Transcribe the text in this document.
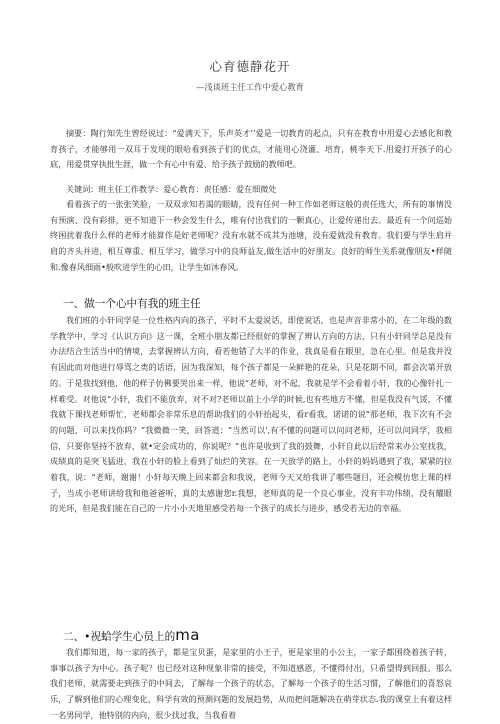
心育德静花开
—浅谈班主任工作中爱心教育

摘要：陶行知先生曾经说过：“爱满天下，乐声英才’’爱是一切教育的起点，只有在教育中用爱心去感化和教育孩子，才能够用一双耳于发现的眼哈看到孩子们的优点，才能用心浇灌、培育，桃李天下.用爱打开孩子的心底，用爱贯穿执批生涯，做一个有心中有爱、给予孩子鼓励的教师吧。

关键词：班主任工作教学：爱心教育：责任感：爱在细微处

看着孩子的一张张笑脸，一双双求知若渴的眼睛，没有任何一种工作如老师这般的责任选大，所有的事情没有预演、没有彩排，更不知道下一秒会发生什么，唯有付出我们的一颗真心，让爱传递出去。最近有一个问巡始终困扰着我什么样的老师才能算作是好老师呢？没有水就不成其为池塘，没有爱就没有教育。我们要与学生肩并肩的齐头并进，相互尊重、相互学习，做学习中的良师益友,做生活中的好朋友。良好的师生关系就像朋友•样随和.像春风细雨•般吹进学生的心田，让学生如沐春风。

一、做一个心中有我的班主任

我们班的小轩同学是一位性格内向的孩子，平时不太爱说话，即使说话，也是声音非常小的，在二年级的数学教学中，学习《认识方向》这一课，全班小朋友都已经很好的掌握了辨认方向的方法，只有小轩同学总是没有办法结合生活当中的情境，去掌握辨认方向，看若他错了大半的作业，我真是看在眼里，急在心里。但是我并没有因此而对他进行辱骂之类的话语，因为我深知，每个孩子都是一朵鲜艳的花朵，只是花期不同，都会次第开放的。于是我找到他，他的样子仿佛要哭出来一样，他说“老师，对不起，我就是学不会看着小轩，我的心像针扎一样难受。对他说“小轩，我们不能放弃，对不对?老师以前上小学的时候,也有些地方不懂，但是我没有气馁，不懂我就下课找老师帮忙，老师都会非常乐息的帮助我们的小轩抬起头，看r看我，诺诺的说“那老师，我下次有不会的问题，可以来找你吗？”我微微一笑，回答道：“当然可以',有不懂的问题可以问问老师，还可以问同学，我相信，只要你坚持不放弃，就•定会成功的，你说呢？”也许是收到了我的鼓舞，小轩自此以后经常来办公室找我，成绩真的是突飞猛进，我在小轩的脸上看到了灿烂的笑容。在一天放学的路上，小轩的妈妈遇到了我，紧紧的拉着我，说：“老师，谢谢！小轩每天晚上回来都会和我说，老师今天又给我讲了哪些题目，还会模仿您上课的样子，当成小老师讲给我和他爸爸听，真的太感谢您r.我想，老师真的是一个良心事业，没有丰功伟绩，没有耀眼的光环，但是我们能在自己的一片小小天地里感受若每一个孩子的成长与进步，感受若无边的幸福。

二、•祝蛤学生心员上的ma

我们都知道，每一家的孩子，都是宝贝蛋，是家里的小王子，更是家里的小公主，一家子都围绕着孩子转，事事以孩子为中心。孩子呢？也已经对这种现象非常的接受，不知道感恩，不懂得付出，只希望得到回报。那么我们老师，就需要走到孩子的中间去，了解每一个孩子的状态，了解每一个孩子的生活习惯，了解他们的喜怒哀乐，了解到他们的心理变化，科学有效的预测问题的发展趋势，从而把问题解决在萌芽状态.我的课堂上有着这样一名男同学，他特别的内向，很少找过我，当我看着
